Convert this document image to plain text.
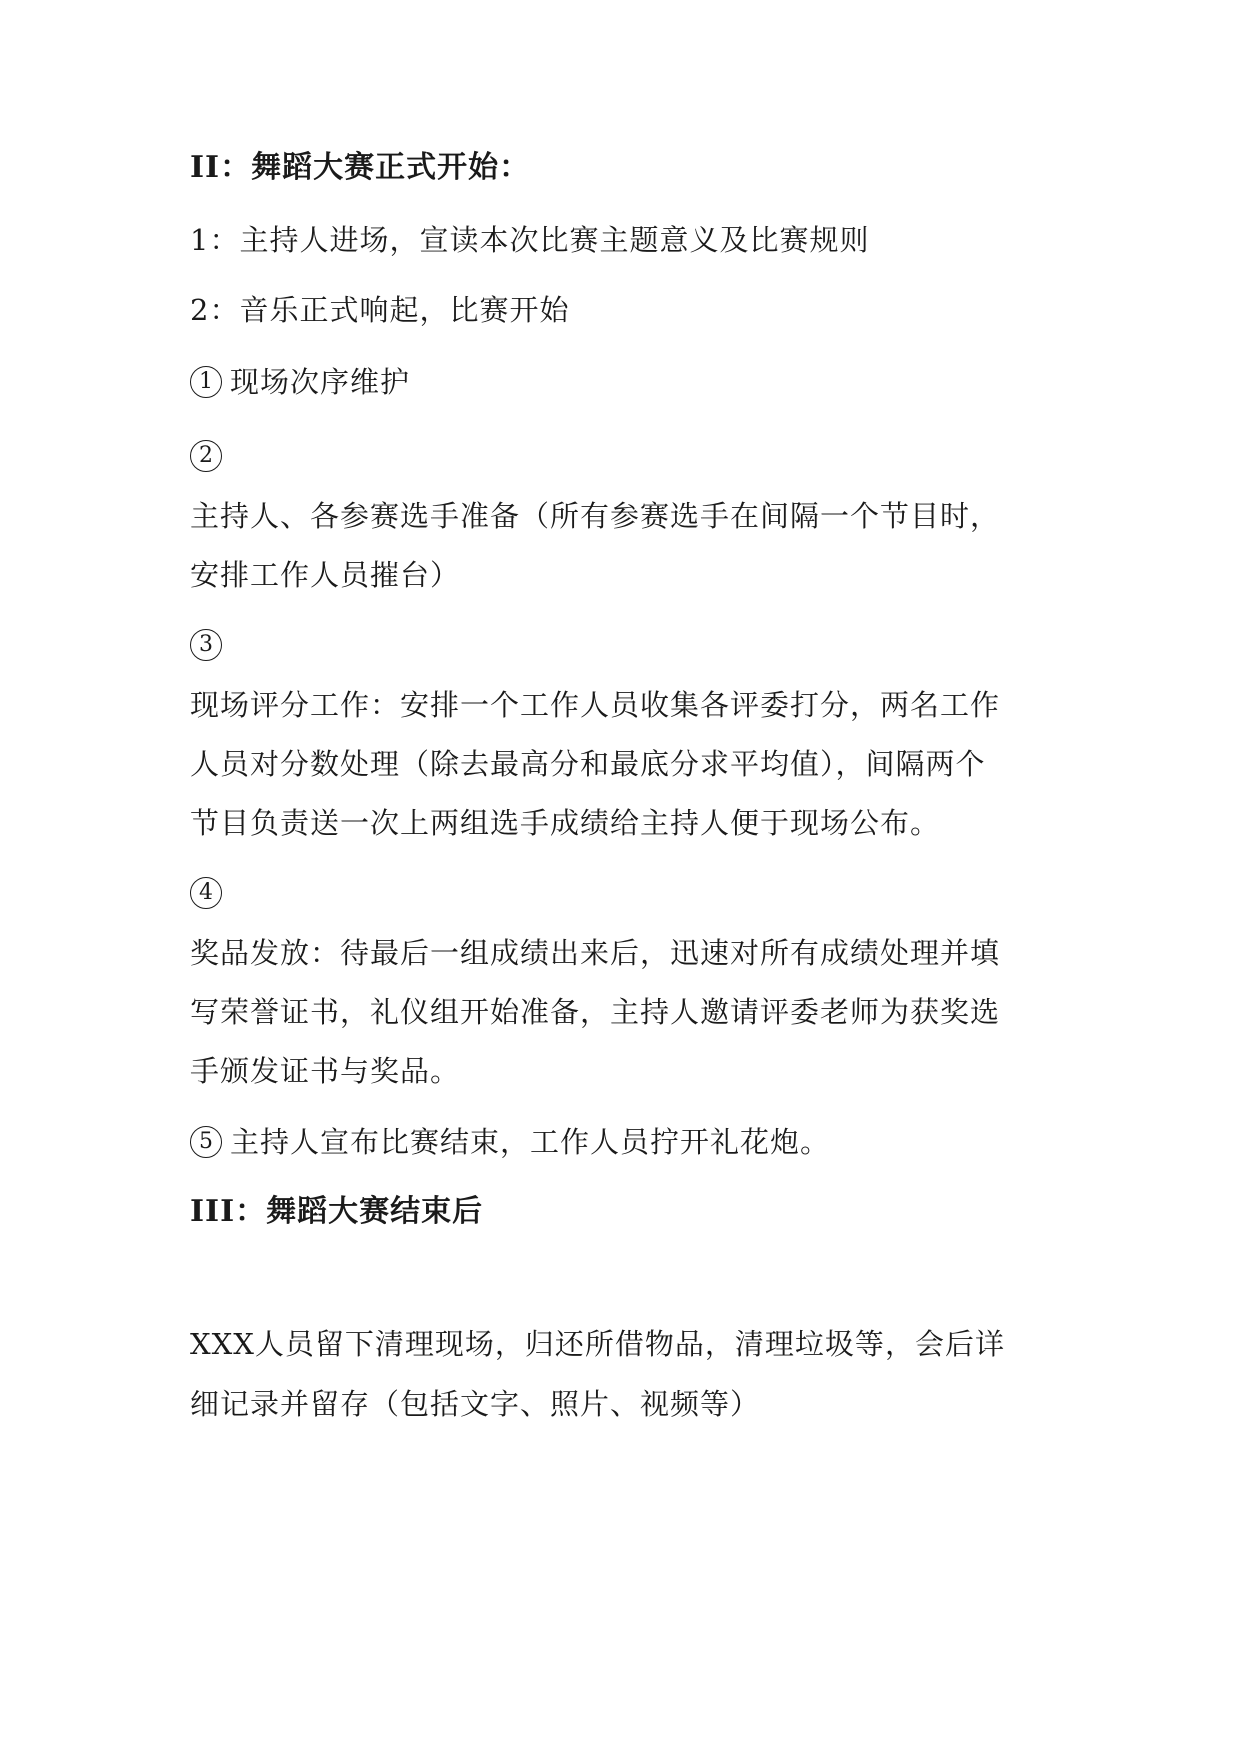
II：舞蹈大赛正式开始：
1：主持人进场，宣读本次比赛主题意义及比赛规则
2：音乐正式响起，比赛开始
1 现场次序维护
2
主持人、各参赛选手准备（所有参赛选手在间隔一个节目时，
安排工作人员摧台）
3
现场评分工作：安排一个工作人员收集各评委打分，两名工作
人员对分数处理（除去最高分和最底分求平均值），间隔两个
节目负责送一次上两组选手成绩给主持人便于现场公布。
4
奖品发放：待最后一组成绩出来后，迅速对所有成绩处理并填
写荣誉证书，礼仪组开始准备，主持人邀请评委老师为获奖选
手颁发证书与奖品。
5 主持人宣布比赛结束，工作人员拧开礼花炮。
III：舞蹈大赛结束后
XXX人员留下清理现场，归还所借物品，清理垃圾等，会后详
细记录并留存（包括文字、照片、视频等）
